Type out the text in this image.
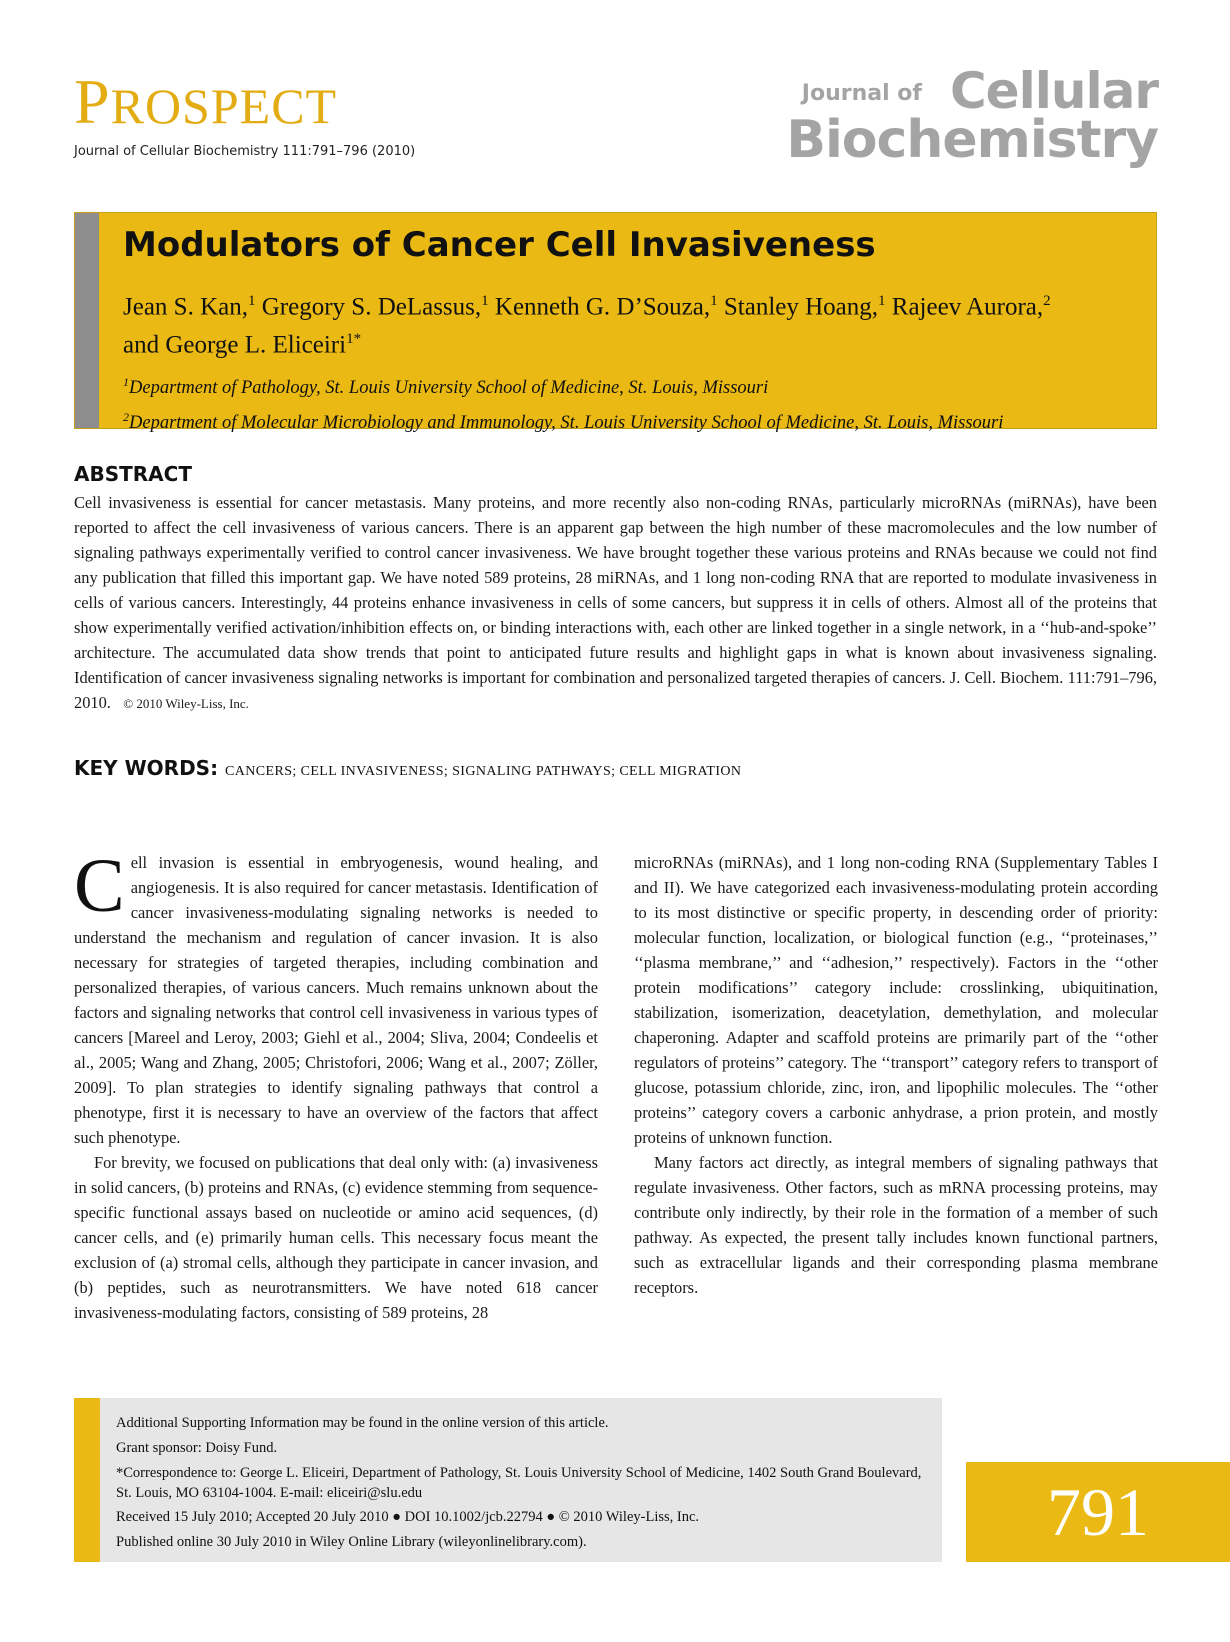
PROSPECT
Journal of Cellular Biochemistry 111:791–796 (2010)
Journal of Cellular
Biochemistry
Modulators of Cancer Cell Invasiveness
Jean S. Kan,$^1$ Gregory S. DeLassus,$^1$ Kenneth G. D’Souza,$^1$ Stanley Hoang,$^1$ Rajeev Aurora,$^2$
and George L. Eliceiri$^{1*}$
$^1$Department of Pathology, St. Louis University School of Medicine, St. Louis, Missouri
$^2$Department of Molecular Microbiology and Immunology, St. Louis University School of Medicine, St. Louis, Missouri
ABSTRACT
Cell invasiveness is essential for cancer metastasis. Many proteins, and more recently also non-coding RNAs, particularly microRNAs (miRNAs), have been reported to affect the cell invasiveness of various cancers. There is an apparent gap between the high number of these macromolecules and the low number of signaling pathways experimentally verified to control cancer invasiveness. We have brought together these various proteins and RNAs because we could not find any publication that filled this important gap. We have noted 589 proteins, 28 miRNAs, and 1 long non-coding RNA that are reported to modulate invasiveness in cells of various cancers. Interestingly, 44 proteins enhance invasiveness in cells of some cancers, but suppress it in cells of others. Almost all of the proteins that show experimentally verified activation/inhibition effects on, or binding interactions with, each other are linked together in a single network, in a ‘‘hub-and-spoke’’ architecture. The accumulated data show trends that point to anticipated future results and highlight gaps in what is known about invasiveness signaling. Identification of cancer invasiveness signaling networks is important for combination and personalized targeted therapies of cancers. J. Cell. Biochem. 111:791–796, 2010. © 2010 Wiley-Liss, Inc.
KEY WORDS: CANCERS; CELL INVASIVENESS; SIGNALING PATHWAYS; CELL MIGRATION

Cell invasion is essential in embryogenesis, wound healing, and angiogenesis. It is also required for cancer metastasis. Identification of cancer invasiveness-modulating signaling networks is needed to understand the mechanism and regulation of cancer invasion. It is also necessary for strategies of targeted therapies, including combination and personalized therapies, of various cancers. Much remains unknown about the factors and signaling networks that control cell invasiveness in various types of cancers [Mareel and Leroy, 2003; Giehl et al., 2004; Sliva, 2004; Condeelis et al., 2005; Wang and Zhang, 2005; Christofori, 2006; Wang et al., 2007; Zöller, 2009]. To plan strategies to identify signaling pathways that control a phenotype, first it is necessary to have an overview of the factors that affect such phenotype.

For brevity, we focused on publications that deal only with: (a) invasiveness in solid cancers, (b) proteins and RNAs, (c) evidence stemming from sequence-specific functional assays based on nucleotide or amino acid sequences, (d) cancer cells, and (e) primarily human cells. This necessary focus meant the exclusion of (a) stromal cells, although they participate in cancer invasion, and (b) peptides, such as neurotransmitters. We have noted 618 cancer invasiveness-modulating factors, consisting of 589 proteins, 28

microRNAs (miRNAs), and 1 long non-coding RNA (Supplementary Tables I and II). We have categorized each invasiveness-modulating protein according to its most distinctive or specific property, in descending order of priority: molecular function, localization, or biological function (e.g., ‘‘proteinases,’’ ‘‘plasma membrane,’’ and ‘‘adhesion,’’ respectively). Factors in the ‘‘other protein modifications’’ category include: crosslinking, ubiquitination, stabilization, isomerization, deacetylation, demethylation, and molecular chaperoning. Adapter and scaffold proteins are primarily part of the ‘‘other regulators of proteins’’ category. The ‘‘transport’’ category refers to transport of glucose, potassium chloride, zinc, iron, and lipophilic molecules. The ‘‘other proteins’’ category covers a carbonic anhydrase, a prion protein, and mostly proteins of unknown function.

Many factors act directly, as integral members of signaling pathways that regulate invasiveness. Other factors, such as mRNA processing proteins, may contribute only indirectly, by their role in the formation of a member of such pathway. As expected, the present tally includes known functional partners, such as extracellular ligands and their corresponding plasma membrane receptors.

Additional Supporting Information may be found in the online version of this article.
Grant sponsor: Doisy Fund.
*Correspondence to: George L. Eliceiri, Department of Pathology, St. Louis University School of Medicine, 1402 South Grand Boulevard, St. Louis, MO 63104-1004. E-mail: eliceiri@slu.edu
Received 15 July 2010; Accepted 20 July 2010 ● DOI 10.1002/jcb.22794 ● © 2010 Wiley-Liss, Inc.
Published online 30 July 2010 in Wiley Online Library (wileyonlinelibrary.com).	791
